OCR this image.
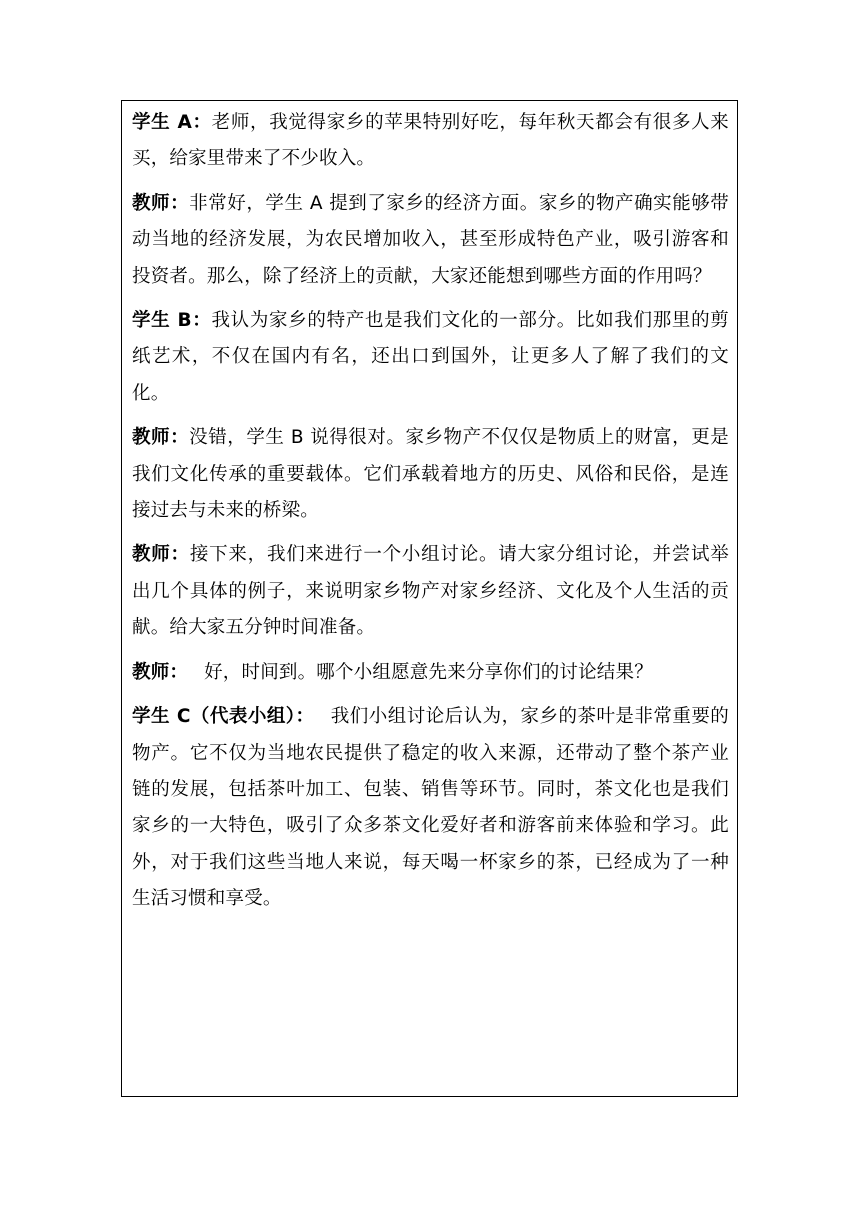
学生 A：老师，我觉得家乡的苹果特别好吃，每年秋天都会有很多人来买，给家里带来了不少收入。

教师：非常好，学生 A 提到了家乡的经济方面。家乡的物产确实能够带动当地的经济发展，为农民增加收入，甚至形成特色产业，吸引游客和投资者。那么，除了经济上的贡献，大家还能想到哪些方面的作用吗？

学生 B：我认为家乡的特产也是我们文化的一部分。比如我们那里的剪纸艺术，不仅在国内有名，还出口到国外，让更多人了解了我们的文化。

教师：没错，学生 B 说得很对。家乡物产不仅仅是物质上的财富，更是我们文化传承的重要载体。它们承载着地方的历史、风俗和民俗，是连接过去与未来的桥梁。

教师：接下来，我们来进行一个小组讨论。请大家分组讨论，并尝试举出几个具体的例子，来说明家乡物产对家乡经济、文化及个人生活的贡献。给大家五分钟时间准备。

教师： 好，时间到。哪个小组愿意先来分享你们的讨论结果？

学生 C（代表小组）： 我们小组讨论后认为，家乡的茶叶是非常重要的物产。它不仅为当地农民提供了稳定的收入来源，还带动了整个茶产业链的发展，包括茶叶加工、包装、销售等环节。同时，茶文化也是我们家乡的一大特色，吸引了众多茶文化爱好者和游客前来体验和学习。此外，对于我们这些当地人来说，每天喝一杯家乡的茶，已经成为了一种生活习惯和享受。
